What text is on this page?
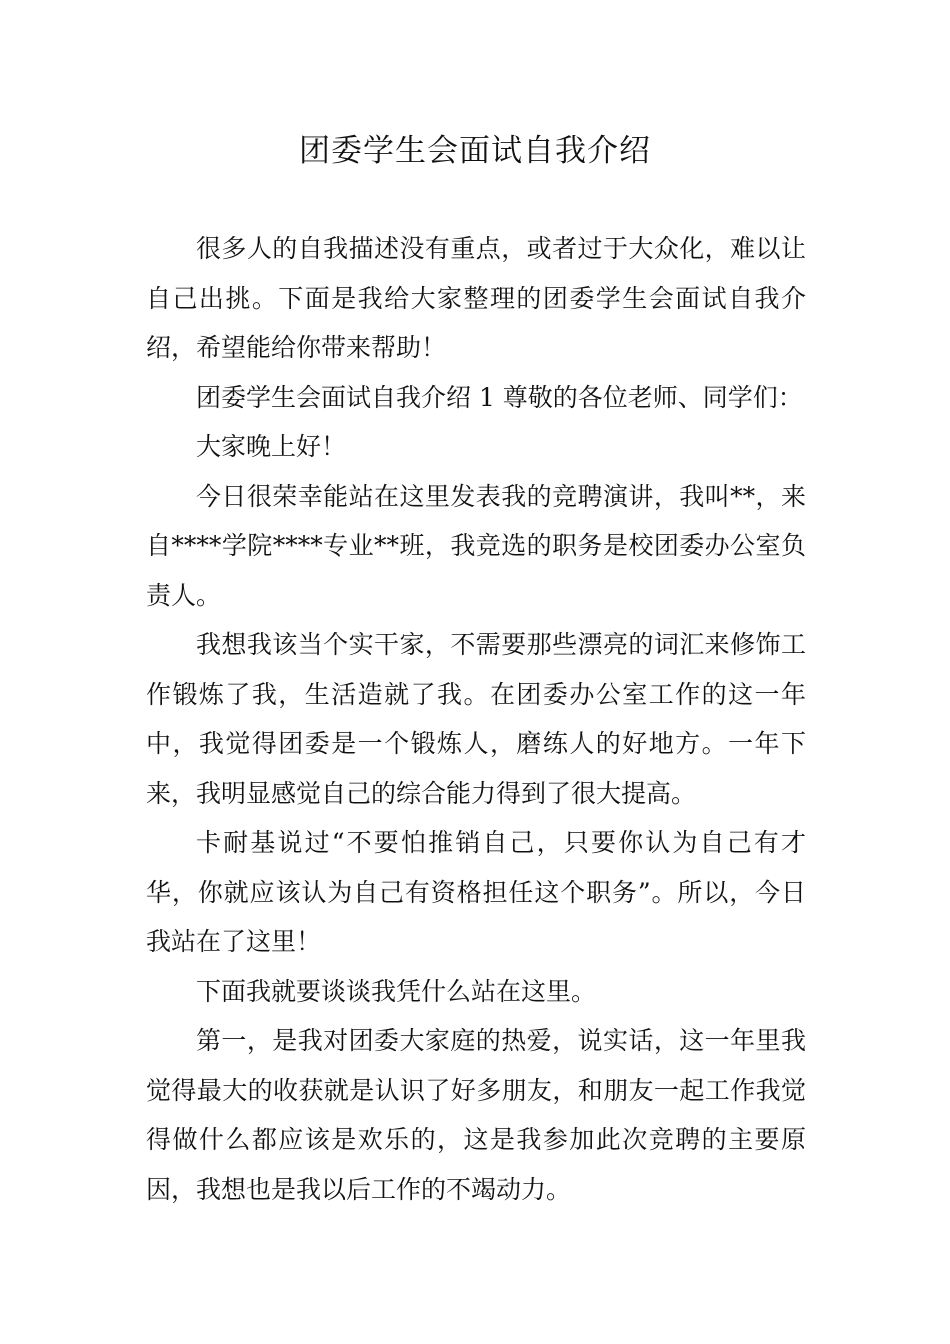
团委学生会面试自我介绍

很多人的自我描述没有重点，或者过于大众化，难以让自己出挑。下面是我给大家整理的团委学生会面试自我介绍，希望能给你带来帮助！

团委学生会面试自我介绍 1 尊敬的各位老师、同学们：

大家晚上好！

今日很荣幸能站在这里发表我的竞聘演讲，我叫**，来自****学院****专业**班，我竞选的职务是校团委办公室负责人。

我想我该当个实干家，不需要那些漂亮的词汇来修饰工作锻炼了我，生活造就了我。在团委办公室工作的这一年中，我觉得团委是一个锻炼人，磨练人的好地方。一年下来，我明显感觉自己的综合能力得到了很大提高。

卡耐基说过“不要怕推销自己，只要你认为自己有才华，你就应该认为自己有资格担任这个职务”。所以，今日我站在了这里！

下面我就要谈谈我凭什么站在这里。

第一，是我对团委大家庭的热爱，说实话，这一年里我觉得最大的收获就是认识了好多朋友，和朋友一起工作我觉得做什么都应该是欢乐的，这是我参加此次竞聘的主要原因，我想也是我以后工作的不竭动力。
